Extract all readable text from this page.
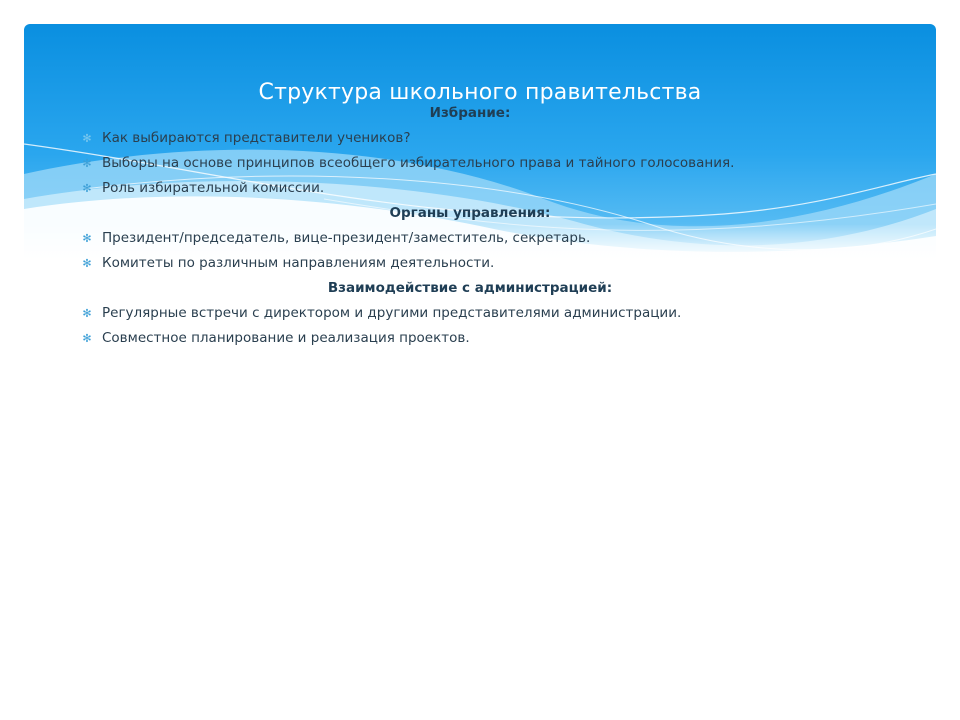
Структура школьного правительства
Избрание:
✻ Как выбираются представители учеников?
✻ Выборы на основе принципов всеобщего избирательного права и тайного голосования.
✻ Роль избирательной комиссии.
Органы управления:
✻ Президент/председатель, вице-президент/заместитель, секретарь.
✻ Комитеты по различным направлениям деятельности.
Взаимодействие с администрацией:
✻ Регулярные встречи с директором и другими представителями администрации.
✻ Совместное планирование и реализация проектов.
